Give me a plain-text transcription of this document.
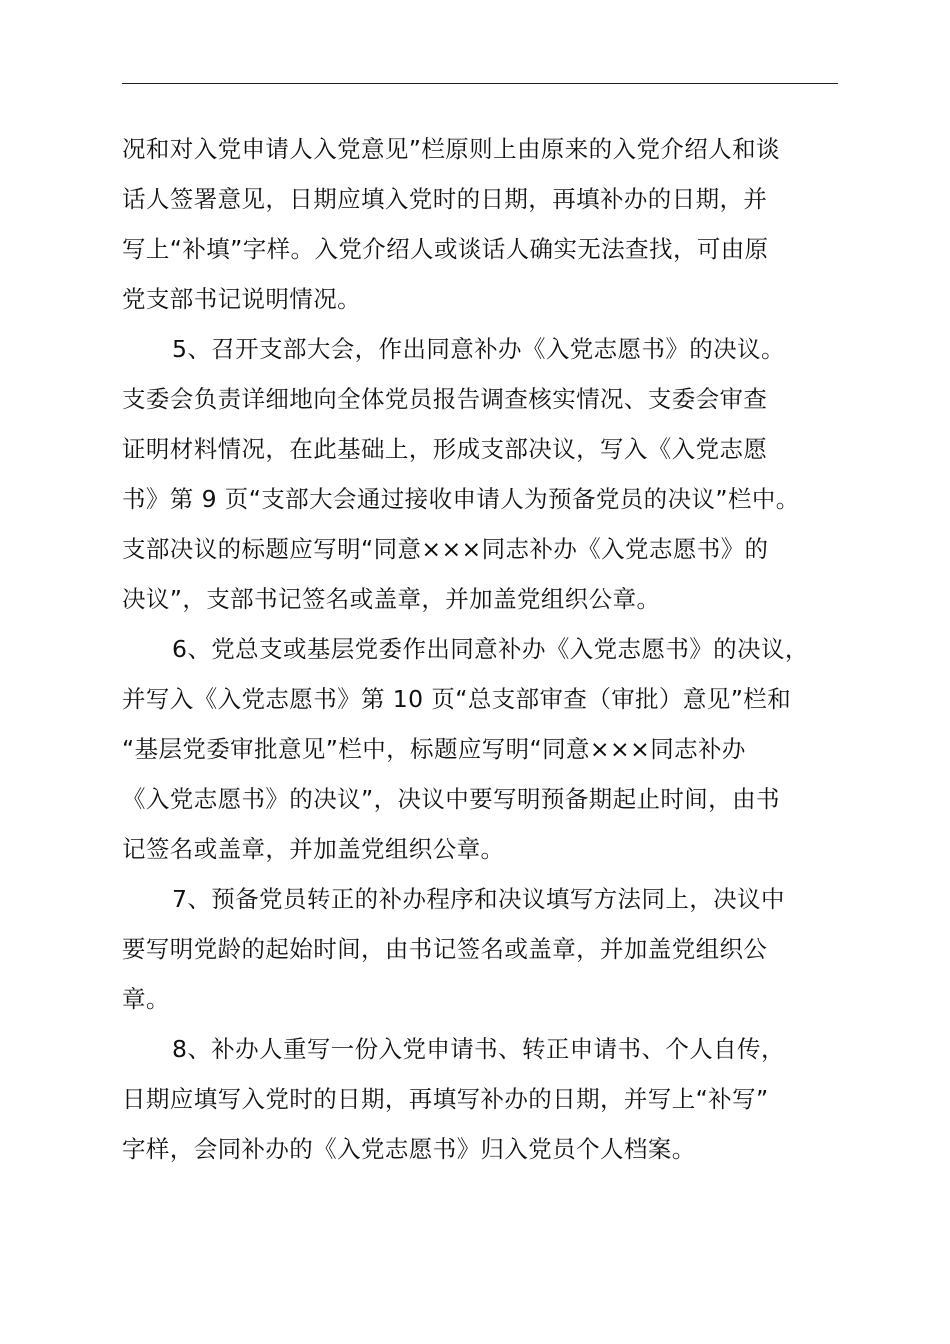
况和对入党申请人入党意见”栏原则上由原来的入党介绍人和谈
话人签署意见，日期应填入党时的日期，再填补办的日期，并
写上“补填”字样。入党介绍人或谈话人确实无法查找，可由原
党支部书记说明情况。
5、召开支部大会，作出同意补办《入党志愿书》的决议。
支委会负责详细地向全体党员报告调查核实情况、支委会审查
证明材料情况，在此基础上，形成支部决议，写入《入党志愿
书》第 9 页“支部大会通过接收申请人为预备党员的决议”栏中。
支部决议的标题应写明“同意×××同志补办《入党志愿书》的
决议”，支部书记签名或盖章，并加盖党组织公章。
6、党总支或基层党委作出同意补办《入党志愿书》的决议，
并写入《入党志愿书》第 10 页“总支部审查（审批）意见”栏和
“基层党委审批意见”栏中，标题应写明“同意×××同志补办
《入党志愿书》的决议”，决议中要写明预备期起止时间，由书
记签名或盖章，并加盖党组织公章。
7、预备党员转正的补办程序和决议填写方法同上，决议中
要写明党龄的起始时间，由书记签名或盖章，并加盖党组织公
章。
8、补办人重写一份入党申请书、转正申请书、个人自传，
日期应填写入党时的日期，再填写补办的日期，并写上“补写”
字样，会同补办的《入党志愿书》归入党员个人档案。
